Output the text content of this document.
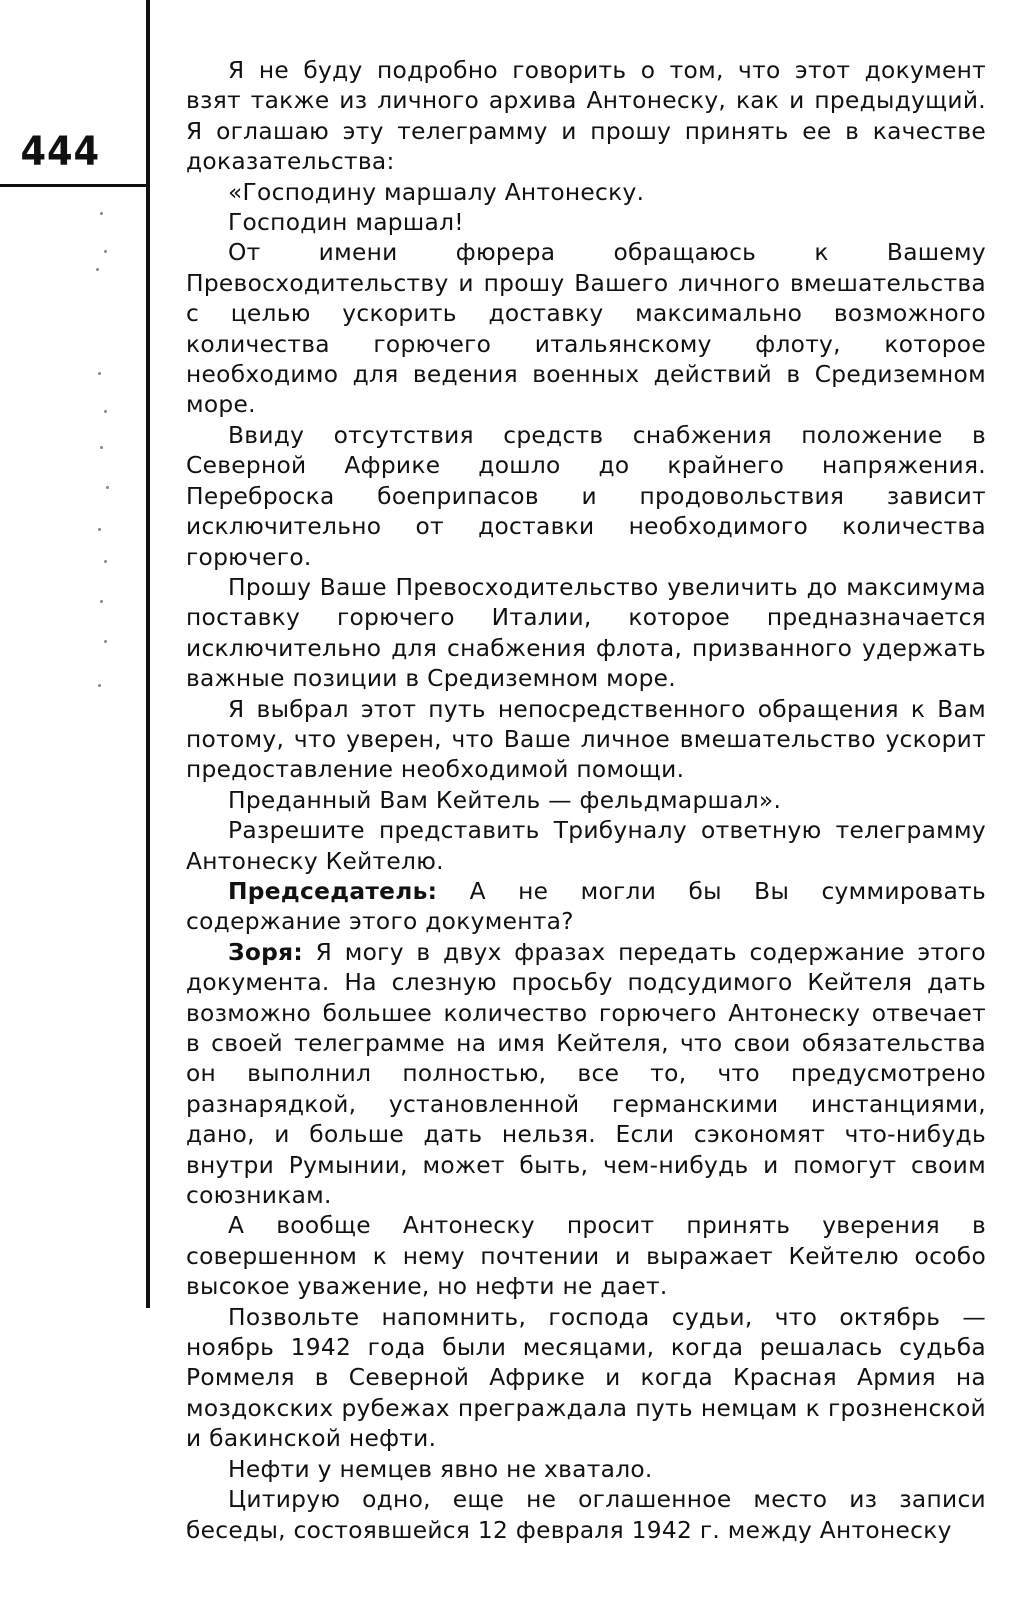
444

Я не буду подробно говорить о том, что этот документ взят также из личного архива Антонеску, как и предыдущий. Я оглашаю эту телеграмму и прошу принять ее в качестве доказательства:

«Господину маршалу Антонеску.

Господин маршал!

От имени фюрера обращаюсь к Вашему Превосходительству и прошу Вашего личного вмешательства с целью ускорить доставку максимально возможного количества горючего итальянскому флоту, которое необходимо для ведения военных действий в Средиземном море.

Ввиду отсутствия средств снабжения положение в Северной Африке дошло до крайнего напряжения. Переброска боеприпасов и продовольствия зависит исключительно от доставки необходимого количества горючего.

Прошу Ваше Превосходительство увеличить до максимума поставку горючего Италии, которое предназначается исключительно для снабжения флота, призванного удержать важные позиции в Средиземном море.

Я выбрал этот путь непосредственного обращения к Вам потому, что уверен, что Ваше личное вмешательство ускорит предоставление необходимой помощи.

Преданный Вам Кейтель — фельдмаршал».

Разрешите представить Трибуналу ответную телеграмму Антонеску Кейтелю.

Председатель: А не могли бы Вы суммировать содержание этого документа?

Зоря: Я могу в двух фразах передать содержание этого документа. На слезную просьбу подсудимого Кейтеля дать возможно большее количество горючего Антонеску отвечает в своей телеграмме на имя Кейтеля, что свои обязательства он выполнил полностью, все то, что предусмотрено разнарядкой, установленной германскими инстанциями, дано, и больше дать нельзя. Если сэкономят что-нибудь внутри Румынии, может быть, чем-нибудь и помогут своим союзникам.

А вообще Антонеску просит принять уверения в совершенном к нему почтении и выражает Кейтелю особо высокое уважение, но нефти не дает.

Позвольте напомнить, господа судьи, что октябрь — ноябрь 1942 года были месяцами, когда решалась судьба Роммеля в Северной Африке и когда Красная Армия на моздокских рубежах преграждала путь немцам к грозненской и бакинской нефти.

Нефти у немцев явно не хватало.

Цитирую одно, еще не оглашенное место из записи беседы, состоявшейся 12 февраля 1942 г. между Антонеску
